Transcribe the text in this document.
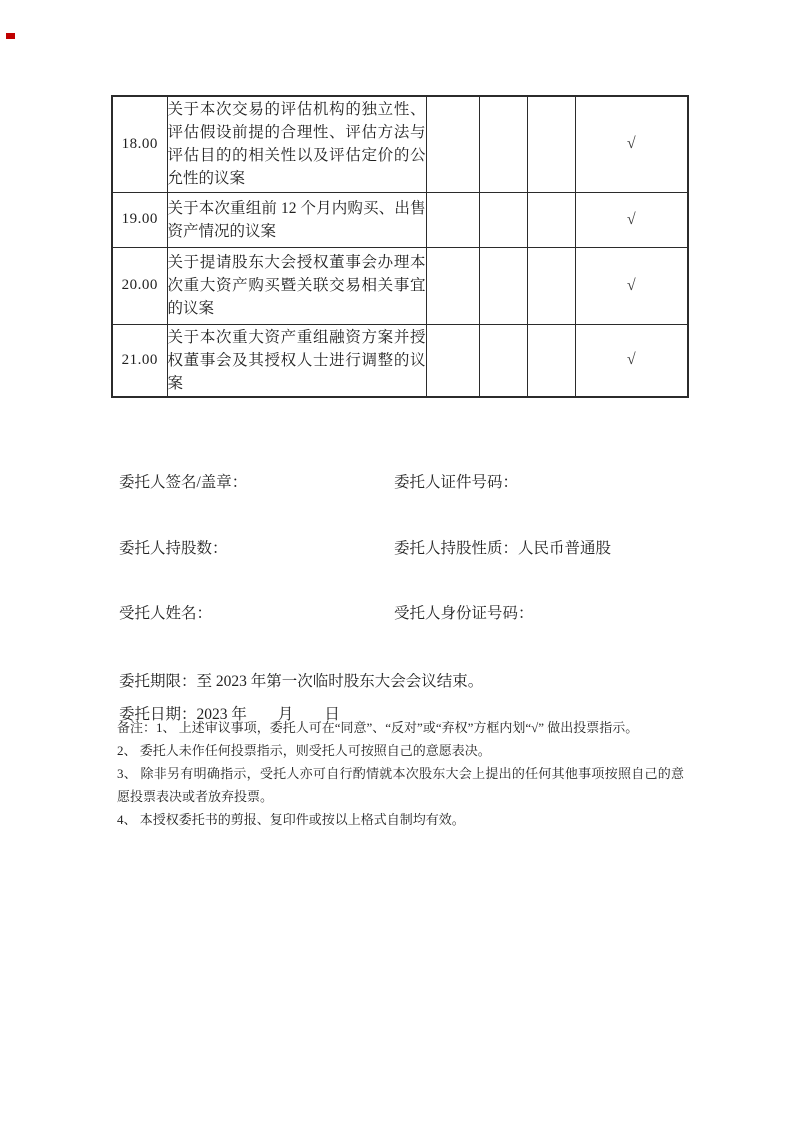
18.00	关于本次交易的评估机构的独立性、评估假设前提的合理性、评估方法与评估目的的相关性以及评估定价的公允性的议案				√
19.00	关于本次重组前 12 个月内购买、出售资产情况的议案				√
20.00	关于提请股东大会授权董事会办理本次重大资产购买暨关联交易相关事宜的议案				√
21.00	关于本次重大资产重组融资方案并授权董事会及其授权人士进行调整的议案				√
委托人签名/盖章：	委托人证件号码：
委托人持股数：	委托人持股性质：人民币普通股
受托人姓名：	受托人身份证号码：
委托期限：至 2023 年第一次临时股东大会会议结束。
委托日期：2023 年　　月　　日
备注：1、 上述审议事项，委托人可在“同意”、“反对”或“弃权”方框内划“√” 做出投票指示。
2、 委托人未作任何投票指示，则受托人可按照自己的意愿表决。
3、 除非另有明确指示，受托人亦可自行酌情就本次股东大会上提出的任何其他事项按照自己的意愿投票表决或者放弃投票。
4、 本授权委托书的剪报、复印件或按以上格式自制均有效。
